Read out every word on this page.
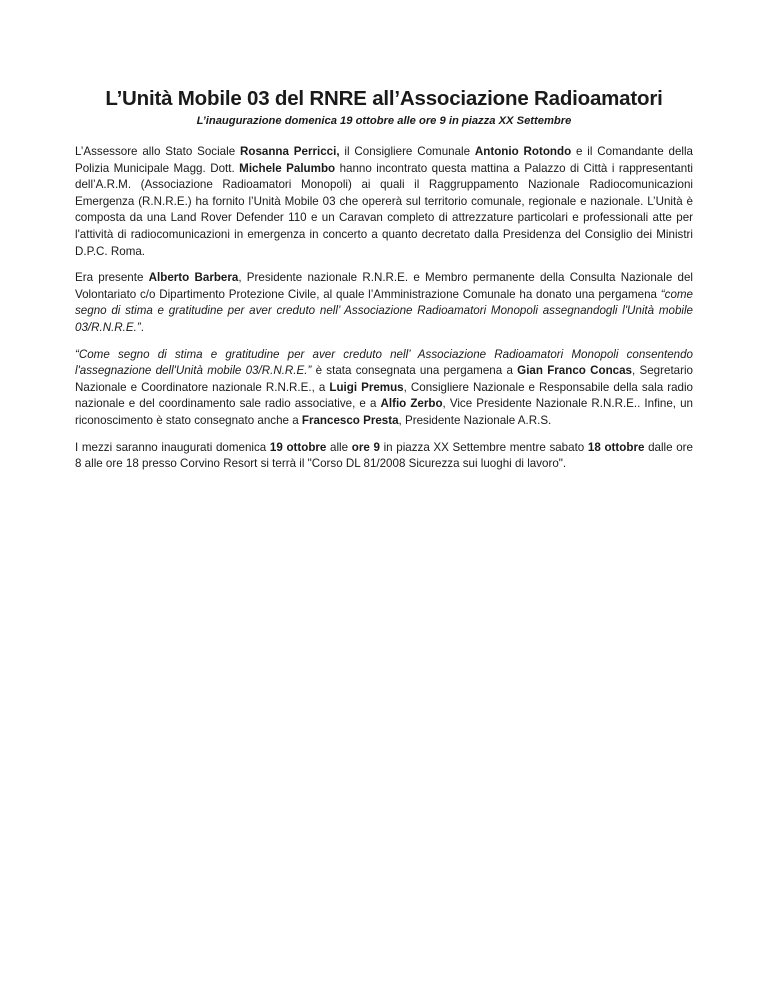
L’Unità Mobile 03 del RNRE all’Associazione Radioamatori

L’inaugurazione domenica 19 ottobre alle ore 9 in piazza XX Settembre

L’Assessore allo Stato Sociale Rosanna Perricci, il Consigliere Comunale Antonio Rotondo e il Comandante della Polizia Municipale Magg. Dott. Michele Palumbo hanno incontrato questa mattina a Palazzo di Città i rappresentanti dell’A.R.M. (Associazione Radioamatori Monopoli) ai quali il Raggruppamento Nazionale Radiocomunicazioni Emergenza (R.N.R.E.) ha fornito l’Unità Mobile 03 che opererà sul territorio comunale, regionale e nazionale. L’Unità è composta da una Land Rover Defender 110 e un Caravan completo di attrezzature particolari e professionali atte per l'attività di radiocomunicazioni in emergenza in concerto a quanto decretato dalla Presidenza del Consiglio dei Ministri D.P.C. Roma.

Era presente Alberto Barbera, Presidente nazionale R.N.R.E. e Membro permanente della Consulta Nazionale del Volontariato c/o Dipartimento Protezione Civile, al quale l’Amministrazione Comunale ha donato una pergamena “come segno di stima e gratitudine per aver creduto nell’ Associazione Radioamatori Monopoli assegnandogli l'Unità mobile 03/R.N.R.E.”.

“Come segno di stima e gratitudine per aver creduto nell’ Associazione Radioamatori Monopoli consentendo l'assegnazione dell'Unità mobile 03/R.N.R.E.” è stata consegnata una pergamena a Gian Franco Concas, Segretario Nazionale e Coordinatore nazionale R.N.R.E., a Luigi Premus, Consigliere Nazionale e Responsabile della sala radio nazionale e del coordinamento sale radio associative, e a Alfio Zerbo, Vice Presidente Nazionale R.N.R.E.. Infine, un riconoscimento è stato consegnato anche a Francesco Presta, Presidente Nazionale A.R.S.

I mezzi saranno inaugurati domenica 19 ottobre alle ore 9 in piazza XX Settembre mentre sabato 18 ottobre dalle ore 8 alle ore 18 presso Corvino Resort si terrà il "Corso DL 81/2008 Sicurezza sui luoghi di lavoro".
